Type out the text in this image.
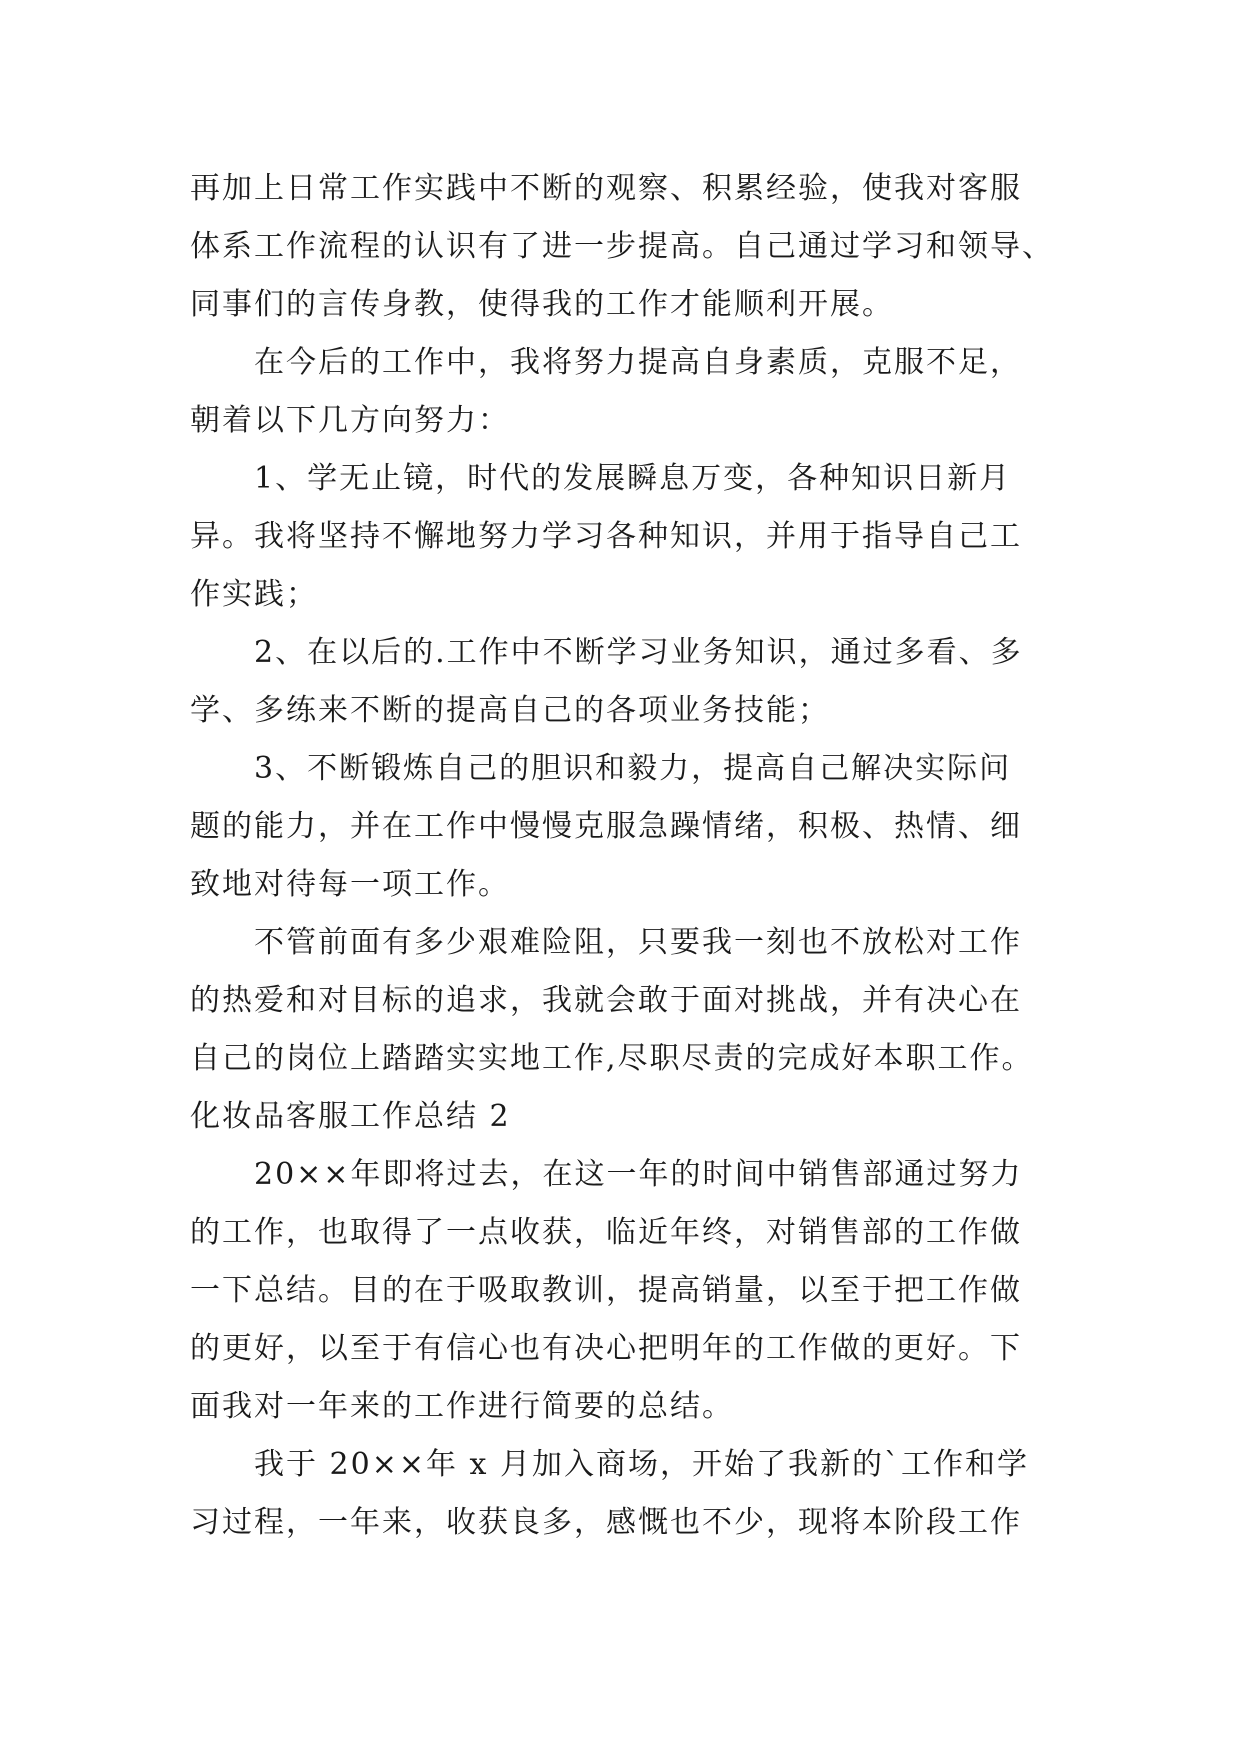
再加上日常工作实践中不断的观察、积累经验，使我对客服
体系工作流程的认识有了进一步提高。自己通过学习和领导、
同事们的言传身教，使得我的工作才能顺利开展。
在今后的工作中，我将努力提高自身素质，克服不足，
朝着以下几方向努力：
1、学无止镜，时代的发展瞬息万变，各种知识日新月
异。我将坚持不懈地努力学习各种知识，并用于指导自己工
作实践；
2、在以后的.工作中不断学习业务知识，通过多看、多
学、多练来不断的提高自己的各项业务技能；
3、不断锻炼自己的胆识和毅力，提高自己解决实际问
题的能力，并在工作中慢慢克服急躁情绪，积极、热情、细
致地对待每一项工作。
不管前面有多少艰难险阻，只要我一刻也不放松对工作
的热爱和对目标的追求，我就会敢于面对挑战，并有决心在
自己的岗位上踏踏实实地工作,尽职尽责的完成好本职工作。
化妆品客服工作总结 2
20××年即将过去，在这一年的时间中销售部通过努力
的工作，也取得了一点收获，临近年终，对销售部的工作做
一下总结。目的在于吸取教训，提高销量，以至于把工作做
的更好，以至于有信心也有决心把明年的工作做的更好。下
面我对一年来的工作进行简要的总结。
我于 20××年 x 月加入商场，开始了我新的`工作和学
习过程，一年来，收获良多，感慨也不少，现将本阶段工作
